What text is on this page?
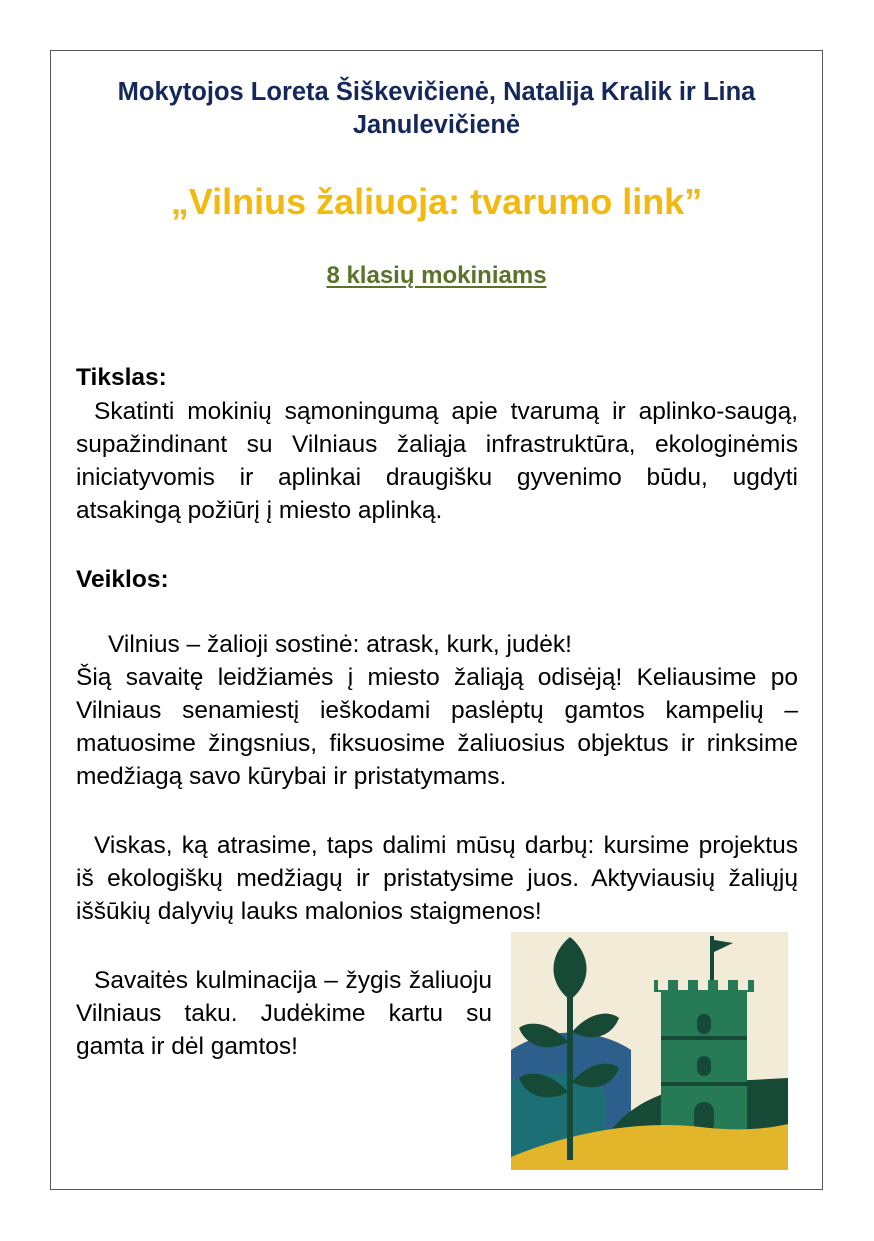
Mokytojos Loreta Šiškevičienė, Natalija Kralik ir Lina Janulevičienė
„Vilnius žaliuoja: tvarumo link”
8 klasių mokiniams
Tikslas:

Skatinti mokinių sąmoningumą apie tvarumą ir aplinko-saugą, supažindinant su Vilniaus žaliąja infrastruktūra, ekologinėmis iniciatyvomis ir aplinkai draugišku gyvenimo būdu, ugdyti atsakingą požiūrį į miesto aplinką.

Veiklos:

Vilnius – žalioji sostinė: atrask, kurk, judėk!

Šią savaitę leidžiamės į miesto žaliąją odisėją! Keliausime po Vilniaus senamiestį ieškodami paslėptų gamtos kampelių – matuosime žingsnius, fiksuosime žaliuosius objektus ir rinksime medžiagą savo kūrybai ir pristatymams.

Viskas, ką atrasime, taps dalimi mūsų darbų: kursime projektus iš ekologiškų medžiagų ir pristatysime juos. Aktyviausių žaliųjų iššūkių dalyvių lauks malonios staigmenos!

Savaitės kulminacija – žygis žaliuoju Vilniaus taku. Judėkime kartu su gamta ir dėl gamtos!
